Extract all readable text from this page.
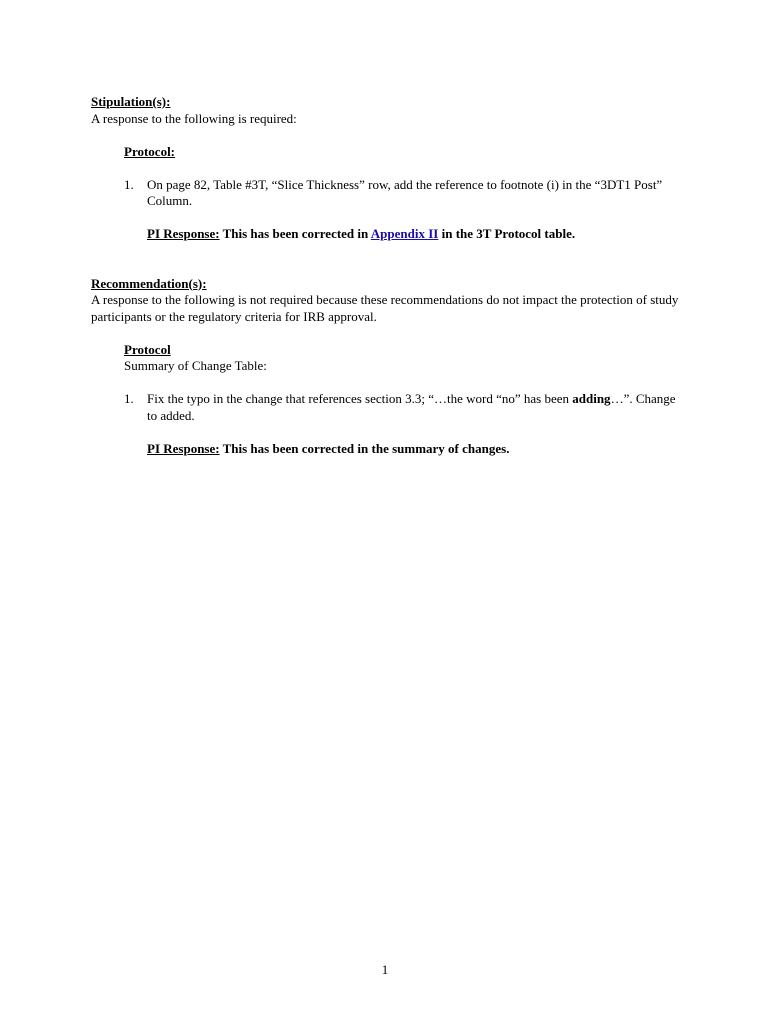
Stipulation(s):
A response to the following is required:
Protocol:
1.	On page 82, Table #3T, “Slice Thickness” row, add the reference to footnote (i) in the “3DT1 Post” Column.
PI Response: This has been corrected in Appendix II in the 3T Protocol table.
Recommendation(s):
A response to the following is not required because these recommendations do not impact the protection of study participants or the regulatory criteria for IRB approval.
Protocol
Summary of Change Table:
1.	Fix the typo in the change that references section 3.3; “…the word “no” has been adding…”. Change to added.
PI Response: This has been corrected in the summary of changes.
1
